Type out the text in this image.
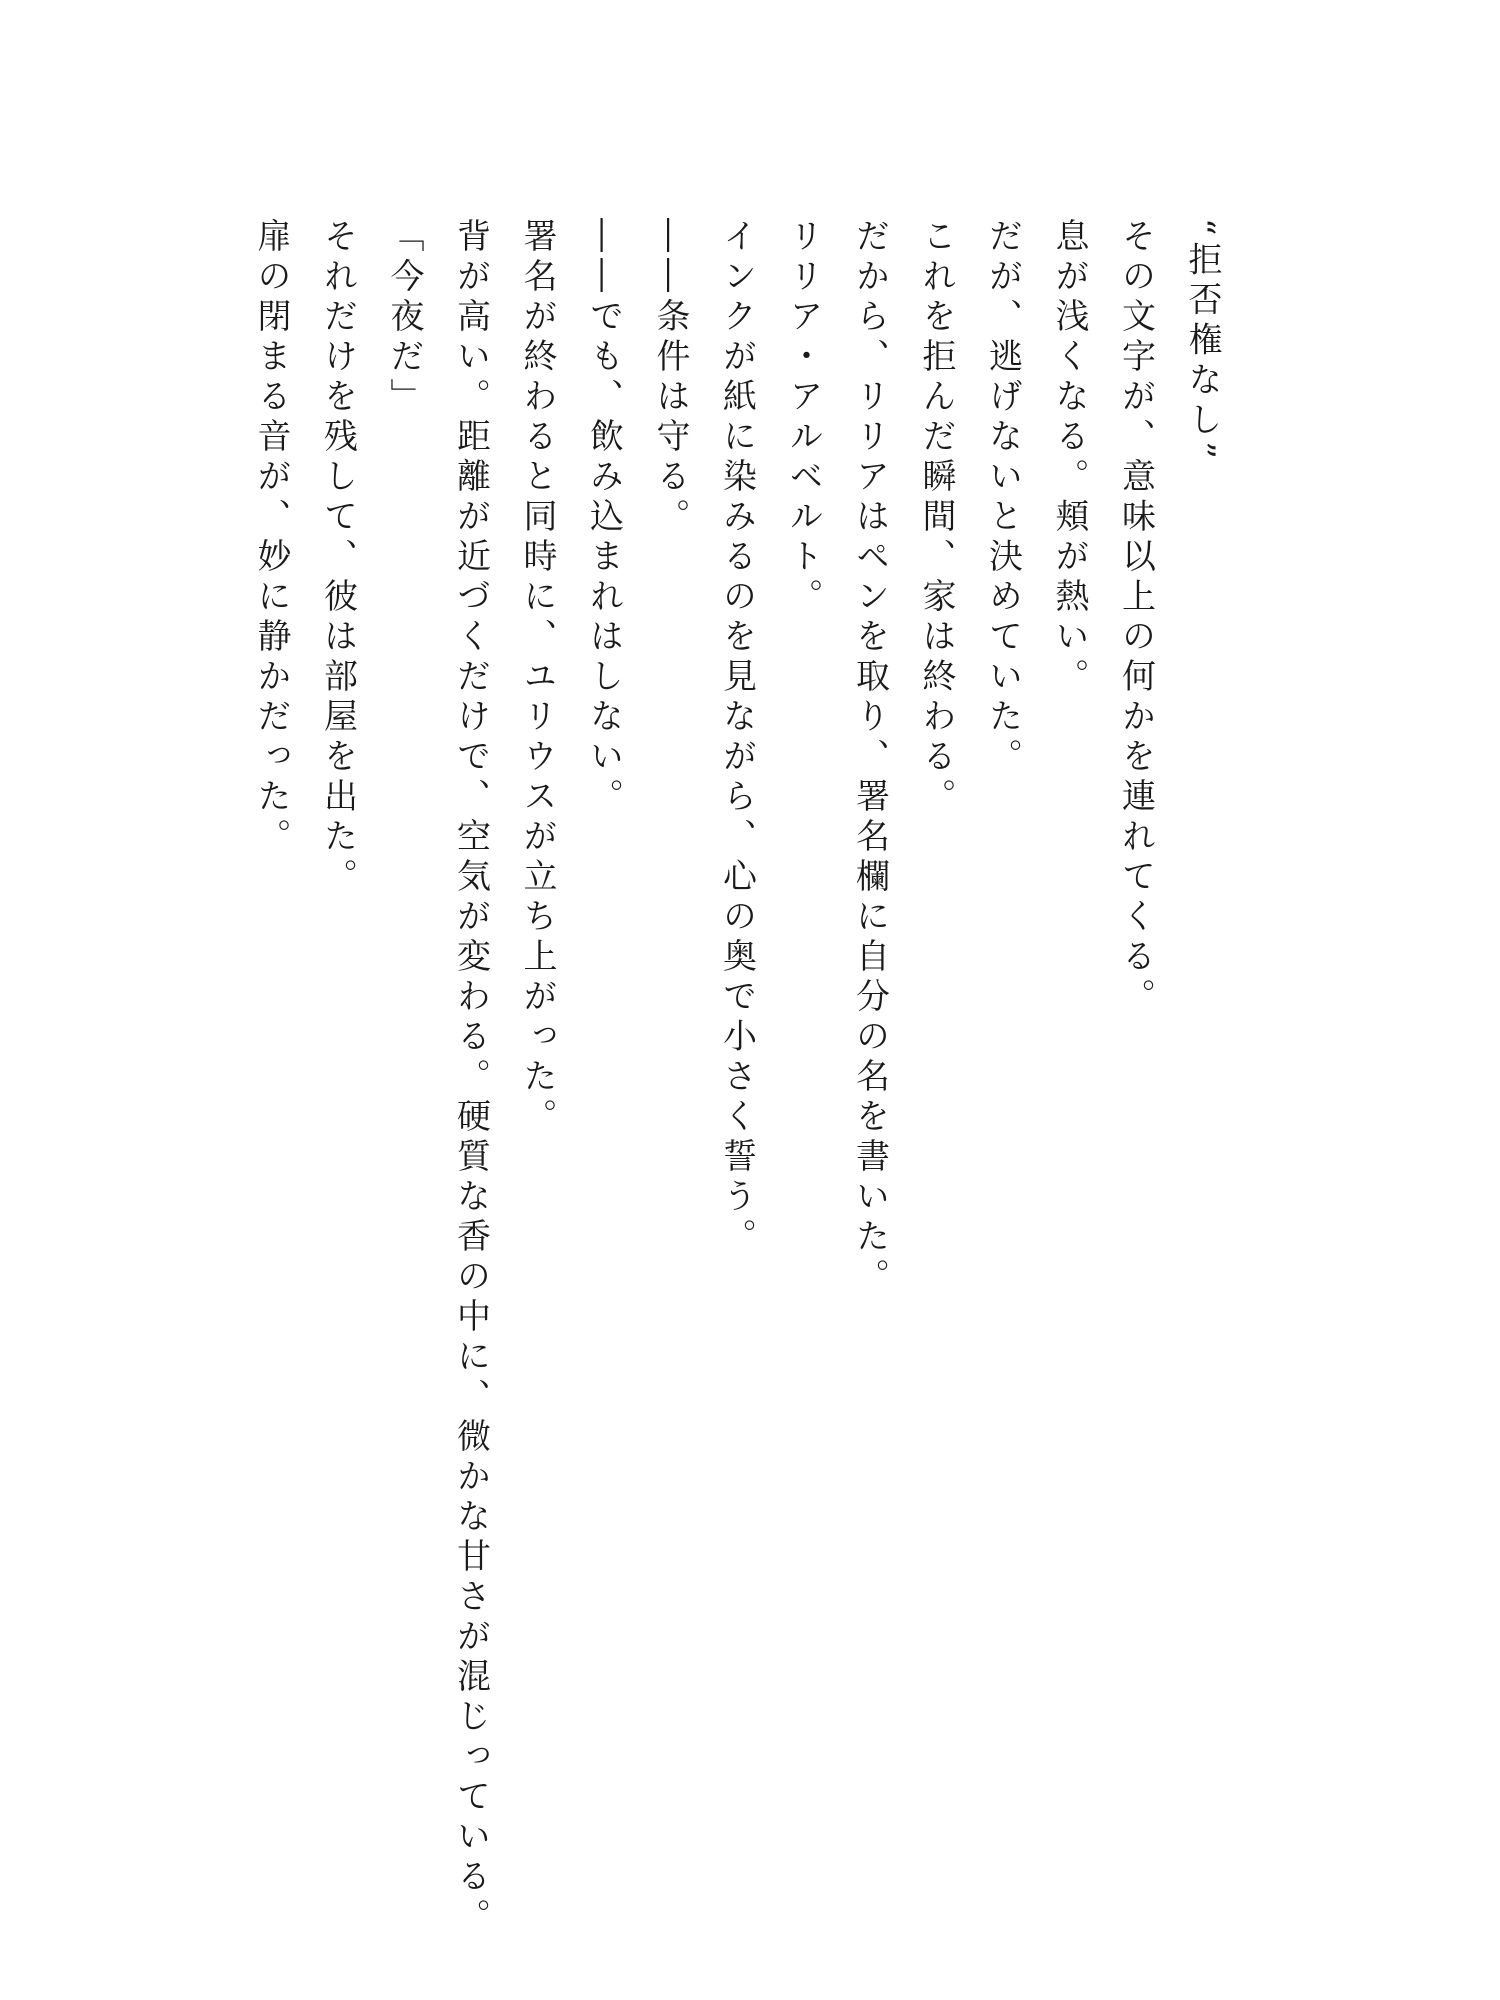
“拒否権なし”

その文字が、意味以上の何かを連れてくる。

息が浅くなる。頬が熱い。

だが、逃げないと決めていた。

これを拒んだ瞬間、家は終わる。

だから、リリアはペンを取り、署名欄に自分の名を書いた。

リリア・アルベルト。

インクが紙に染みるのを見ながら、心の奥で小さく誓う。

――条件は守る。

――でも、飲み込まれはしない。

署名が終わると同時に、ユリウスが立ち上がった。

背が高い。距離が近づくだけで、空気が変わる。硬質な香の中に、微かな甘さが混じっている。

「今夜だ」

それだけを残して、彼は部屋を出た。

扉の閉まる音が、妙に静かだった。
